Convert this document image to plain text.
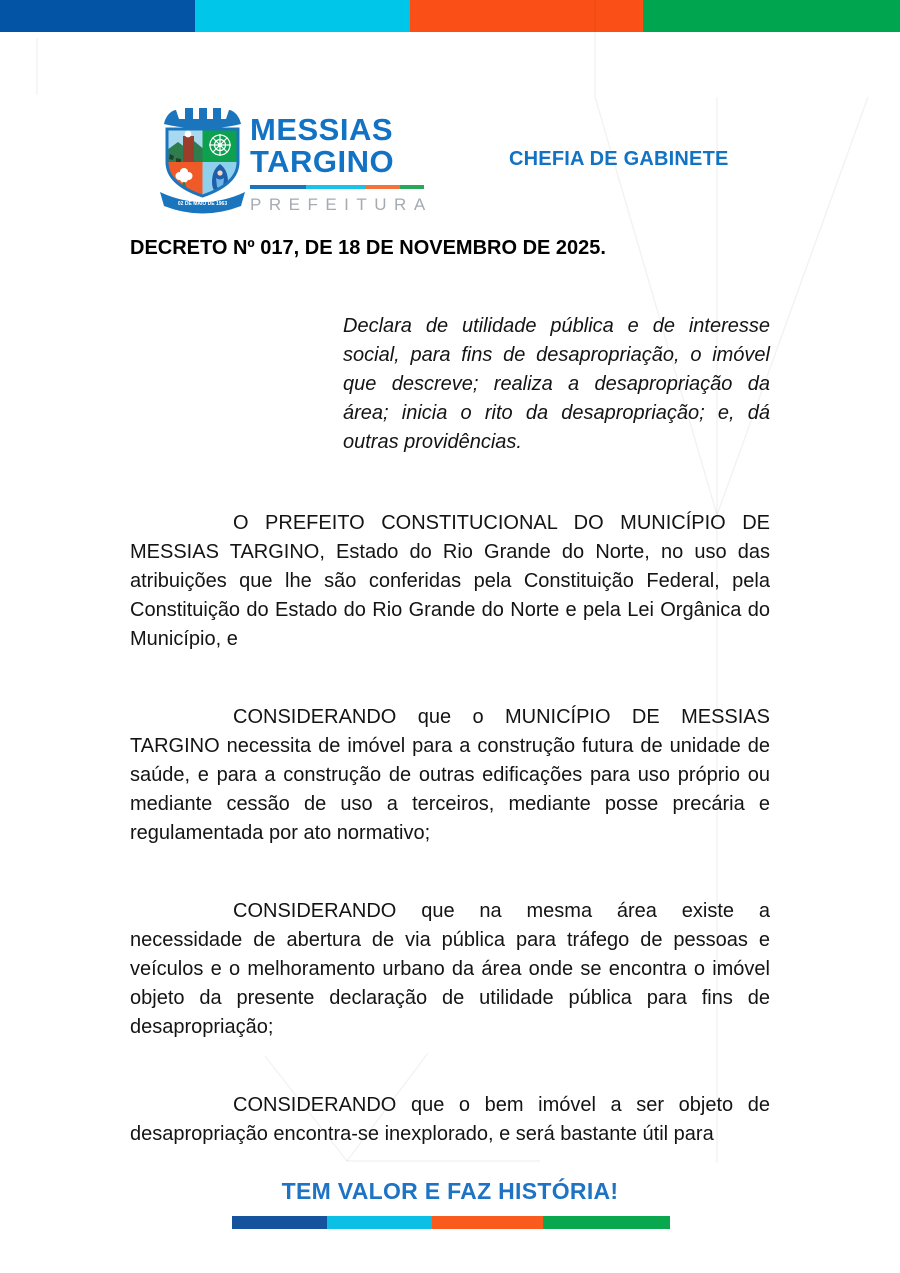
02 DE MAIO DE 1963
MESSIAS
TARGINO
PREFEITURA
CHEFIA DE GABINETE
DECRETO Nº 017, DE 18 DE NOVEMBRO DE 2025.
Declara de utilidade pública e de interesse social, para fins de desapropriação, o imóvel que descreve; realiza a desapropriação da área; inicia o rito da desapropriação; e, dá outras providências.

O PREFEITO CONSTITUCIONAL DO MUNICÍPIO DE MESSIAS TARGINO, Estado do Rio Grande do Norte, no uso das atribuições que lhe são conferidas pela Constituição Federal, pela Constituição do Estado do Rio Grande do Norte e pela Lei Orgânica do Município, e

CONSIDERANDO que o MUNICÍPIO DE MESSIAS TARGINO necessita de imóvel para a construção futura de unidade de saúde, e para a construção de outras edificações para uso próprio ou mediante cessão de uso a terceiros, mediante posse precária e regulamentada por ato normativo;

CONSIDERANDO que na mesma área existe a necessidade de abertura de via pública para tráfego de pessoas e veículos e o melhoramento urbano da área onde se encontra o imóvel objeto da presente declaração de utilidade pública para fins de desapropriação;

CONSIDERANDO que o bem imóvel a ser objeto de desapropriação encontra-se inexplorado, e será bastante útil para

TEM VALOR E FAZ HISTÓRIA!
